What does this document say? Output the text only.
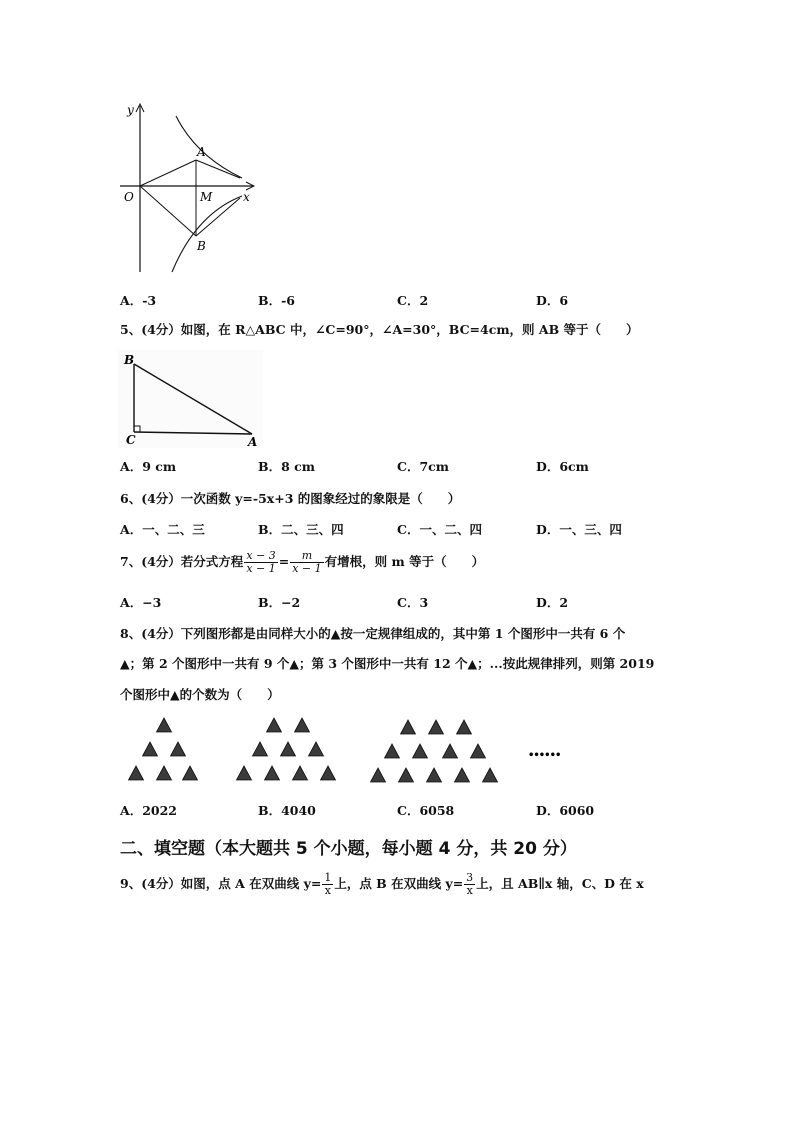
y
x
O
A
M
B
A．-3	B．-6	C．2	D．6
5、(4分）如图，在 R△ABC 中，∠C=90°，∠A=30°，BC=4cm，则 AB 等于（　　）
B
C	A
A．9 cm	B．8 cm	C．7cm	D．6cm
6、(4分）一次函数 y=-5x+3 的图象经过的象限是（　　）
A．一、二、三	B．二、三、四	C．一、二、四	D．一、三、四
7、(4分）若分式方程 $\frac{x - 3}{x - 1} = \frac{m}{x - 1}$ 有增根，则 m 等于（　　）
A．−3	B．−2	C．3	D．2
8、(4分）下列图形都是由同样大小的▲按一定规律组成的，其中第 1 个图形中一共有 6 个
▲；第 2 个图形中一共有 9 个▲；第 3 个图形中一共有 12 个▲；...按此规律排列，则第 2019
个图形中▲的个数为（　　）
••••••
A．2022	B．4040	C．6058	D．6060
二、填空题（本大题共 5 个小题，每小题 4 分，共 20 分）
9、(4分）如图，点 A 在双曲线 $y= \frac{1}{x}$ 上，点 B 在双曲线 $y= \frac{3}{x}$ 上，且 AB∥x 轴，C、D 在 x
